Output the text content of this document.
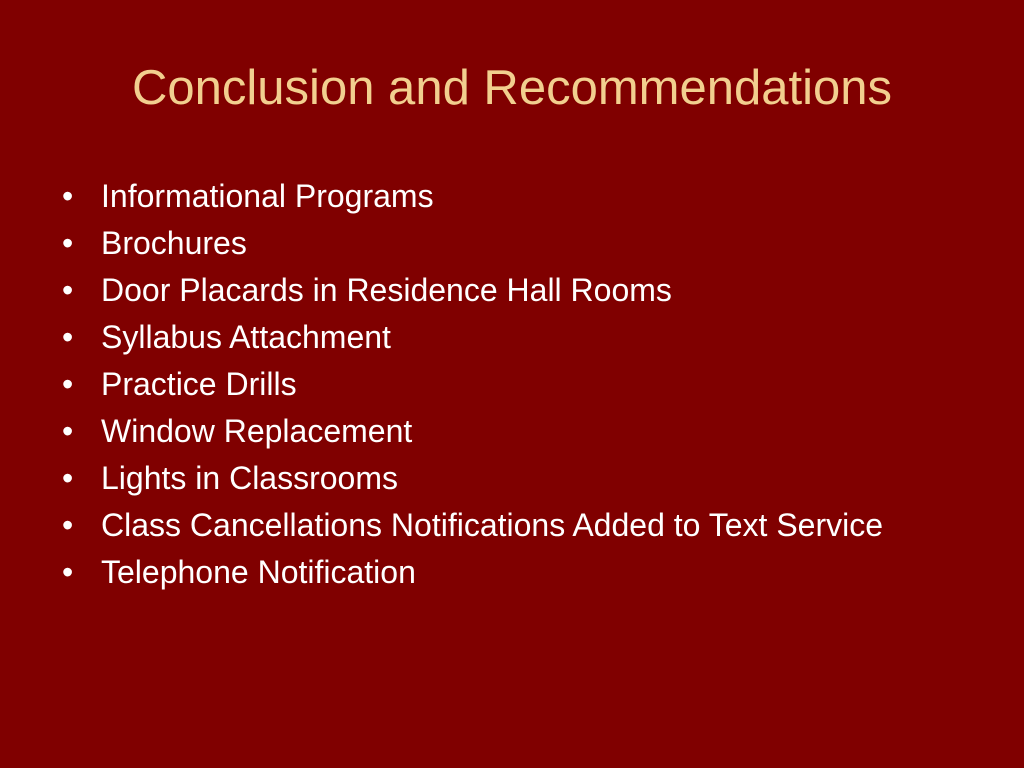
Conclusion and Recommendations
• Informational Programs
• Brochures
• Door Placards in Residence Hall Rooms
• Syllabus Attachment
• Practice Drills
• Window Replacement
• Lights in Classrooms
• Class Cancellations Notifications Added to Text Service
• Telephone Notification
